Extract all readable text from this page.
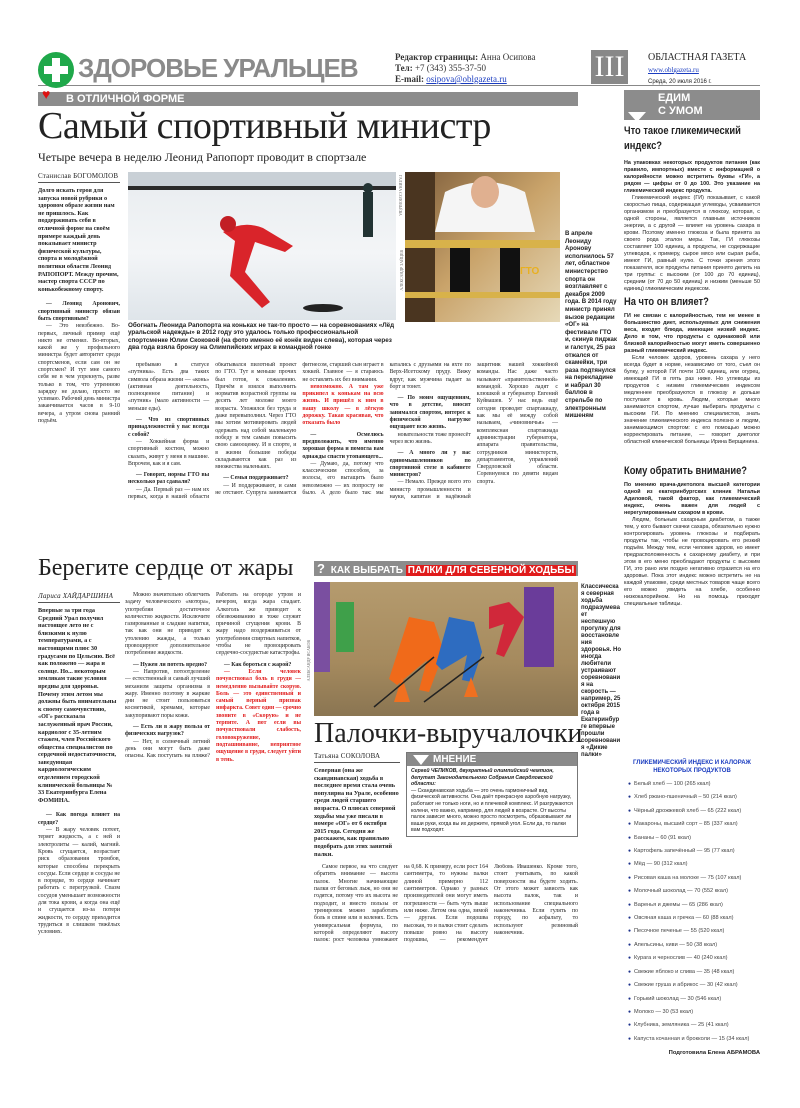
ЗДОРОВЬЕ УРАЛЬЦЕВ	Редактор страницы: Анна Осипова
Тел: +7 (343) 355-37-50
E-mail: osipova@oblgazeta.ru	III	ОБЛАСТНАЯ ГАЗЕТА
www.oblgazeta.ru
Среда, 20 июля 2016 г.
В ОТЛИЧНОЙ ФОРМЕ
♥
Самый спортивный министр
Четыре вечера в неделю Леонид Рапопорт проводит в спортзале
Станислав БОГОМОЛОВ
Долго искать героя для запуска новой рубрики о здоровом образе жизни нам не пришлось. Как поддерживать себя в отличной форме на своём примере каждый день показывает министр физической культуры, спорта и молодёжной политики области Леонид РАПОПОРТ. Между прочим, мастер спорта СССР по конькобежному спорту.

— Леонид Аронович, спортивный министр обязан быть спортивным?

— Это неизбежно. Во-первых, личный пример ещё никто не отменял. Во-вторых, какой же у профильного министра будет авторитет среди спортсменов, если сам он не спортсмен? И тут мне самого себя не в чем упрекнуть, разве только в том, что утреннюю зарядку не делаю, просто не успеваю. Рабочий день министра заканчивается часов в 9-10 вечера, а утром снова ранний подъём.

ГАЛИНА СОЛОВЬЁВА
Обогнать Леонида Рапопорта на коньках не так-то просто — на соревнованиях «Лёд уральской надежды» в 2012 году это удалось только профессиональной спортсменке Юлии Скоковой (на фото именно её конёк виден слева), которая через два года взяла бронзу на Олимпийских играх в командной гонке
ГТО
АЛЕКСАНДР ЗАЙЦЕВ
В апреле Леониду Аронову исполнилось 57 лет, областное министерство спорта он возглавляет с декабря 2009 года. В 2014 году министр принял вызов редакции «ОГ» на фестивале ГТО и, скинув пиджак и галстук, 25 раз отжался от скамейки, три раза подтянулся на перекладине и набрал 30 баллов в стрельбе по электронным мишеням

пребываю в статусе «путника». Есть два таких символа образа жизни — «конь» (активная деятельность, полноценное питание) и «путник» (мало активности — меньше еды).

— Что из спортивных принадлежностей у вас всегда с собой?

— Хоккейная форма и спортивный костюм, можно сказать, живут у меня в машине. Впрочем, как и я сам.

— Говорят, нормы ГТО вы несколько раз сдавали?

— Да. Первый раз — нам их первых, когда в нашей области обкатывался пилотный проект по ГТО. Тут я меньше прочих был готов, к сожалению. Причём я взялся выполнить норматив возрастной группы на десять лет моложе моего возраста. Уложился без труда и даже перевыполнил. Через ГТО мы хотим мотивировать людей одержать над собой маленькую победу и тем самым повысить свою самооценку. И в спорте, и в жизни большие победы складываются как раз из множества маленьких.

— Семья поддерживает?

— И поддерживают, и сами не отстают. Супруга занимается фитнесом, старший сын играет в хоккей. Главное — я стараюсь не оставлять их без внимания.

невозможно. А там уже прикипел к конькам на всю жизнь. И пришёл к ним в нашу школу — в лёгкую дорожку. Такая красивая, что отказать было

— Осмелюсь предположить, что именно хорошая форма и помогла вам однажды спасти утопающего...

— Думаю, да, потому что классическим способом, за волосы, его вытащить было невозможно — их попросту не было. А дело было так: мы катались с друзьями на яхте по Верх-Исетскому пруду. Вижу вдруг, как мужчина падает за борт и тонет.

— По моим ощущениям, что в детстве, вносят занимался спортом, интерес к физической нагрузке ощущают всю жизнь.

новательности тоже пронесёт через всю жизнь.

— А много ли у вас единомышленников по спортивной стезе в кабинете министров?

— Немало. Прежде всего это министр промышленности и науки, капитан и надёжный защитник нашей хоккейной команды. Нас даже часто называют «правительственной» командой. Хорошо ладят с клюшкой и губернатор Евгений Куйвашев. У нас ведь ещё сегодня проводят спартакиаду, как мы её между собой называем, «чиновничья» — комплексная спартакиада администрации губернатора, аппарата правительства, сотрудников министерств, департаментов, управлений Свердловской области. Соревнуемся по девяти видам спорта.

Берегите сердце от жары
Лариса ХАЙДАРШИНА
Впервые за три года Средний Урал получил настоящее лето не с близкими к нулю температурами, а с настоящими плюс 30 градусами по Цельсию. Всё как положено — жара и солнце. Но... некоторым землякам такие условия вредны для здоровья. Почему этим летом мы должны быть внимательны к своему самочувствию, «ОГ» рассказала заслуженный врач России, кардиолог с 35-летним стажем, член Российского общества специалистов по сердечной недостаточности, заведующая кардиологическим отделением городской клинической больницы № 33 Екатеринбурга Елена ФОМИНА.

— Как погода влияет на сердце?

— В жару человек потеет, теряет жидкость, а с ней и электролиты — калий, магний. Кровь сгущается, возрастает риск образования тромбов, которые способны перекрыть сосуды. Если сердце и сосуды не в порядке, то сердце начинает работать с перегрузкой. Спазм сосудов уменьшает возможности для тока крови, а когда она ещё и сгущается из-за потери жидкости, то сердцу приходится трудиться в слишком тяжёлых условиях.

Можно значительно облегчить задачу человеческого «мотора», употребляя достаточное количество жидкости. Исключите газированные и сладкие напитки, так как они не приводят к утолению жажды, а только провоцируют дополнительное потребление жидкости.

— Нужен ли потеть вредно?

— Напротив, потоотделение — естественный и самый лучший механизм защиты организма в жару. Именно поэтому в жаркие дни не стоит пользоваться косметикой, кремами, которые закупоривают поры кожи.

— Есть ли в жару польза от физических нагрузок?

— Нет, в солнечный летний день они могут быть даже опасны. Как поступать на пляже? Работать на огороде утром и вечером, когда жара спадает. Алкоголь же приводит к обезвоживанию и тоже служит причиной сгущения крови. В жару надо воздерживаться от употребления спиртных напитков, чтобы не провоцировать сердечно-сосудистые катастрофы.

— Как бороться с жарой?

— Если человек почувствовал боль в груди — немедленно вызывайте скорую. Боль — это единственный и самый верный признак инфаркта. Совет один — срочно звоните в «Скорую» и не терпите. А пот если вы почувствовали слабость, головокружение, подташнивание, неприятное ощущение в груди, следует уйти в тень.

? КАК ВЫБРАТЬ ПАЛКИ ДЛЯ СЕВЕРНОЙ ХОДЬБЫ
АЛЕКСАНДР ИСАКОВ
Классическая северная ходьба подразумевает неспешную прогулку для восстановления здоровья. Но иногда любители устраивают соревнования на скорость — например, 25 октября 2015 года в Екатеринбурге впервые прошли соревнования «Дикие палки»
Палочки-выручалочки
Татьяна СОКОЛОВА
Северная (она же скандинавская) ходьба в последнее время стала очень популярна на Урале, особенно среди людей старшего возраста. О плюсах северной ходьбы мы уже писали в номере «ОГ» от 6 октября 2015 года. Сегодня же расскажем, как правильно подобрать для этих занятий палки.
МНЕНИЕ
Сергей ЧЕПИКОВ, двукратный олимпийский чемпион, депутат Законодательного Собрания Свердловской области:
— Скандинавская ходьба — это очень гармоничный вид физической активности. Она даёт прекрасную аэробную нагрузку, работают не только ноги, но и плечевой комплекс. И разгружаются колени, что важно, например, для людей в возрасте. От высоты палок зависит много, можно просто посмотреть, образовывают ли ваши руки, когда вы их держите, прямой угол. Если да, то палки вам подходят.

Самое первое, на что следует обратить внимание — высота палок. Многие начинающие палки от беговых лыж, но они не годятся, потому что их высота не подходит, и вместо пользы от тренировок можно заработать боль в спине или в коленях. Есть универсальная формула, по которой определяют высоту палок: рост человека умножают на 0,68. К примеру, если рост 164 сантиметра, то нужны палки длиной примерно 112 сантиметров. Однако у разных производителей они могут иметь погрешности — быть чуть выше или ниже. Летом она одна, зимой — другая. Если подошва высокая, то и палки стоит сделать повыше ровно на высоту подошвы, — рекомендует Любовь Ивашенко. Кроме того, стоит учитывать, по какой поверхности вы будете ходить. От этого может зависеть как высота палок, так и использование специального наконечника. Если гулять по городу, по асфальту, то используют резиновый наконечник.

ЕДИМ
С УМОМ
Что такое гликемический индекс?
На упаковках некоторых продуктов питания (как правило, импортных) вместе с информацией о калорийности можно встретить буквы «ГИ», а рядом — цифры от 0 до 100. Это указание на гликемический индекс продукта.
Гликемический индекс (ГИ) показывает, с какой скоростью пища, содержащая углеводы, усваивается организмом и преобразуется в глюкозу, которая, с одной стороны, является главным источником энергии, а с другой — влияет на уровень сахара в крови. Поэтому именно глюкоза и была принята за своего рода эталон меры. Так, ГИ глюкозы составляет 100 единиц, а продукты, не содержащие углеводов, к примеру, сырое мясо или сырая рыба, имеют ГИ, равный нулю. С точки зрения этого показателя, все продукты питания принято делить на три группы: с высоким (от 100 до 70 единиц), средним (от 70 до 50 единиц) и низким (меньше 50 единиц) гликемическим индексом.
На что он влияет?
ГИ не связан с калорийностью, тем не менее в большинство диет, используемых для снижения веса, входят блюда, имеющие низкий индекс. Дело в том, что продукты с одинаковой или близкой калорийностью могут иметь совершенно разный гликемический индекс.
Если человек здоров, уровень сахара у него всегда будет в норме, независимо от того, съел он булку, у которой ГИ почти 100 единиц, или огурец, имеющий ГИ в пять раз ниже. Но углеводы из продуктов с низким гликемическим индексом медленнее преобразуются в глюкозу и дольше поступают в кровь. Людям, которые много занимаются спортом, лучше выбирать продукты с высоким ГИ. По мнению специалистов, знать значение гликемического индекса полезно и людям, занимающимся спортом: с его помощью можно корректировать питание, — говорит диетолог областной клинической больницы Ирина Верщинина.
Кому обратить внимание?
По мнению врача-диетолога высшей категории одной из екатеринбургских клиник Натальи Адиловой, такой фактор, как гликемический индекс, очень важен для людей с нерегулированным сахаром в крови.
Людям, больным сахарным диабетом, а также тем, у кого бывают скачки сахара, обязательно нужно контролировать уровень глюкозы и подбирать продукты так, чтобы не провоцировать его резкий подъём. Между тем, если человек здоров, но имеет предрасположенность к сахарному диабету, и при этом в его меню преобладают продукты с высоким ГИ, это рано или поздно негативно отразится на его здоровье. Пока этот индекс можно встретить не на каждой упаковке, среди местных товаров чаще всего его можно увидеть на хлебе, особенно низкокалорийном. Но на помощь приходят специальные таблицы.
ГЛИКЕМИЧЕСКИЙ ИНДЕКС И КАЛОРАЖ НЕКОТОРЫХ ПРОДУКТОВ
● Белый хлеб — 100 (265 ккал)
● Хлеб ржано-пшеничный – 50 (214 ккал)
● Чёрный дрожжевой хлеб — 65 (222 ккал)
● Макароны, высший сорт – 85 (337 ккал)
● Бананы – 60 (91 ккал)
● Картофель запечённый — 95 (77 ккал)
● Мёд — 90 (312 ккал)
● Рисовая каша на молоке — 75 (107 ккал)
● Молочный шоколад — 70 (552 ккал)
● Варенья и джемы — 65 (286 ккал)
● Овсяная каша и гречка — 60 (88 ккал)
● Песочное печенье — 55 (520 ккал)
● Апельсины, киви — 50 (38 ккал)
● Курага и чернослив — 40 (240 ккал)
● Свежие яблоко и слива — 35 (48 ккал)
● Свежие груша и абрикос — 30 (42 ккал)
● Горький шоколад — 30 (546 ккал)
● Молоко — 30 (53 ккал)
● Клубника, земляника — 25 (41 ккал)
● Капуста кочанная и брокколи — 15 (34 ккал)
Подготовила Елена АБРАМОВА
